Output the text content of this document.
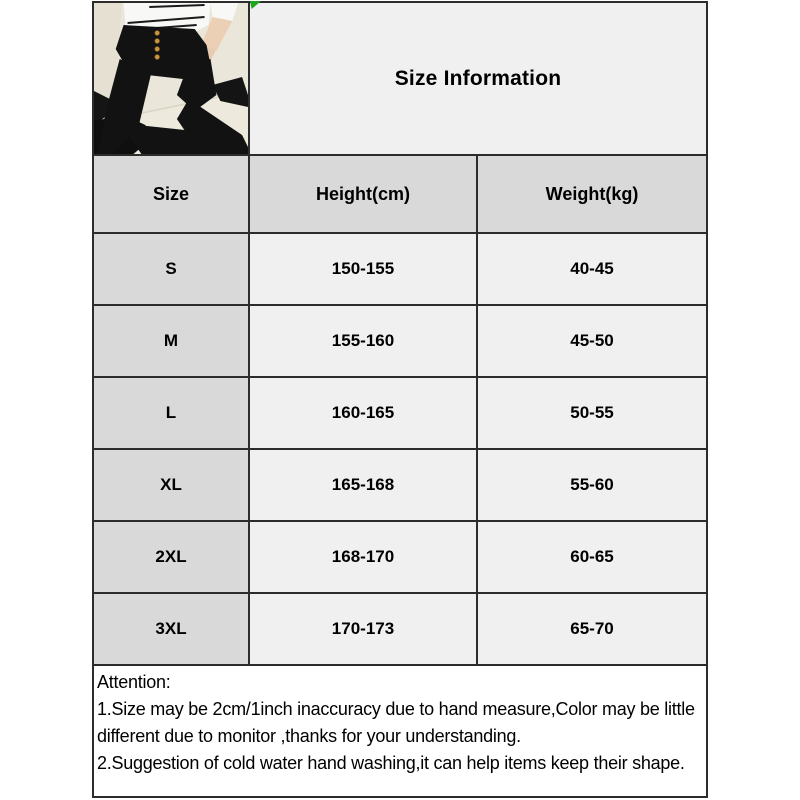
Size Information
Size	Height(cm)	Weight(kg)
S	150-155	40-45
M	155-160	45-50
L	160-165	50-55
XL	165-168	55-60
2XL	168-170	60-65
3XL	170-173	65-70
Attention:
1.Size may be 2cm/1inch inaccuracy due to hand measure,Color may be little different due to monitor ,thanks for your understanding.
2.Suggestion of cold water hand washing,it can help items keep their shape.
